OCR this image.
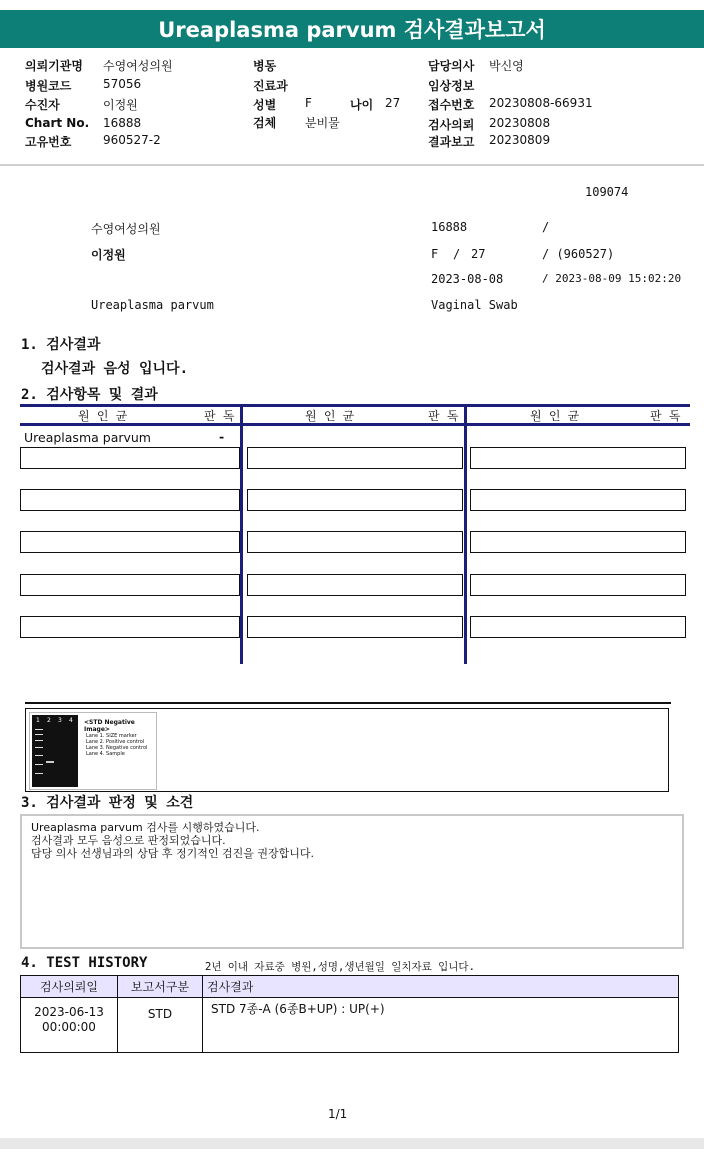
Ureaplasma parvum 검사결과보고서
의뢰기관명 수영여성의원
병원코드	57056
수진자	이정원
Chart No. 16888
고유번호	960527-2
병동
진료과
성별 F	나이 27
검체 분비물
담당의사 박신영
임상정보
접수번호 20230808-66931
검사의뢰 20230808
결과보고 20230809
109074
수영여성의원	16888	/
이정원	F / 27	/ (960527)
2023-08-08	/ 2023-08-09 15:02:20
Ureaplasma parvum	Vaginal Swab
1. 검사결과
검사결과 음성 입니다.
2. 검사항목 및 결과
원 인 균	판 독	원 인 균	판 독	원 인 균	판 독
Ureaplasma parvum	-
1 2 3 4 <STD Negative Image>
Lane 1. SIZE marker
Lane 2. Positive control
Lane 3. Negative control
Lane 4. Sample
3. 검사결과 판정 및 소견
Ureaplasma parvum 검사를 시행하였습니다.
검사결과 모두 음성으로 판정되었습니다.
담당 의사 선생님과의 상담 후 정기적인 검진을 권장합니다.
4. TEST HISTORY	2년 이내 자료중 병원,성명,생년월일 일치자료 입니다.
검사의뢰일	보고서구분	검사결과

2023-06-13
00:00:00	STD	STD 7종-A (6종B+UP) : UP(+)
1/1
